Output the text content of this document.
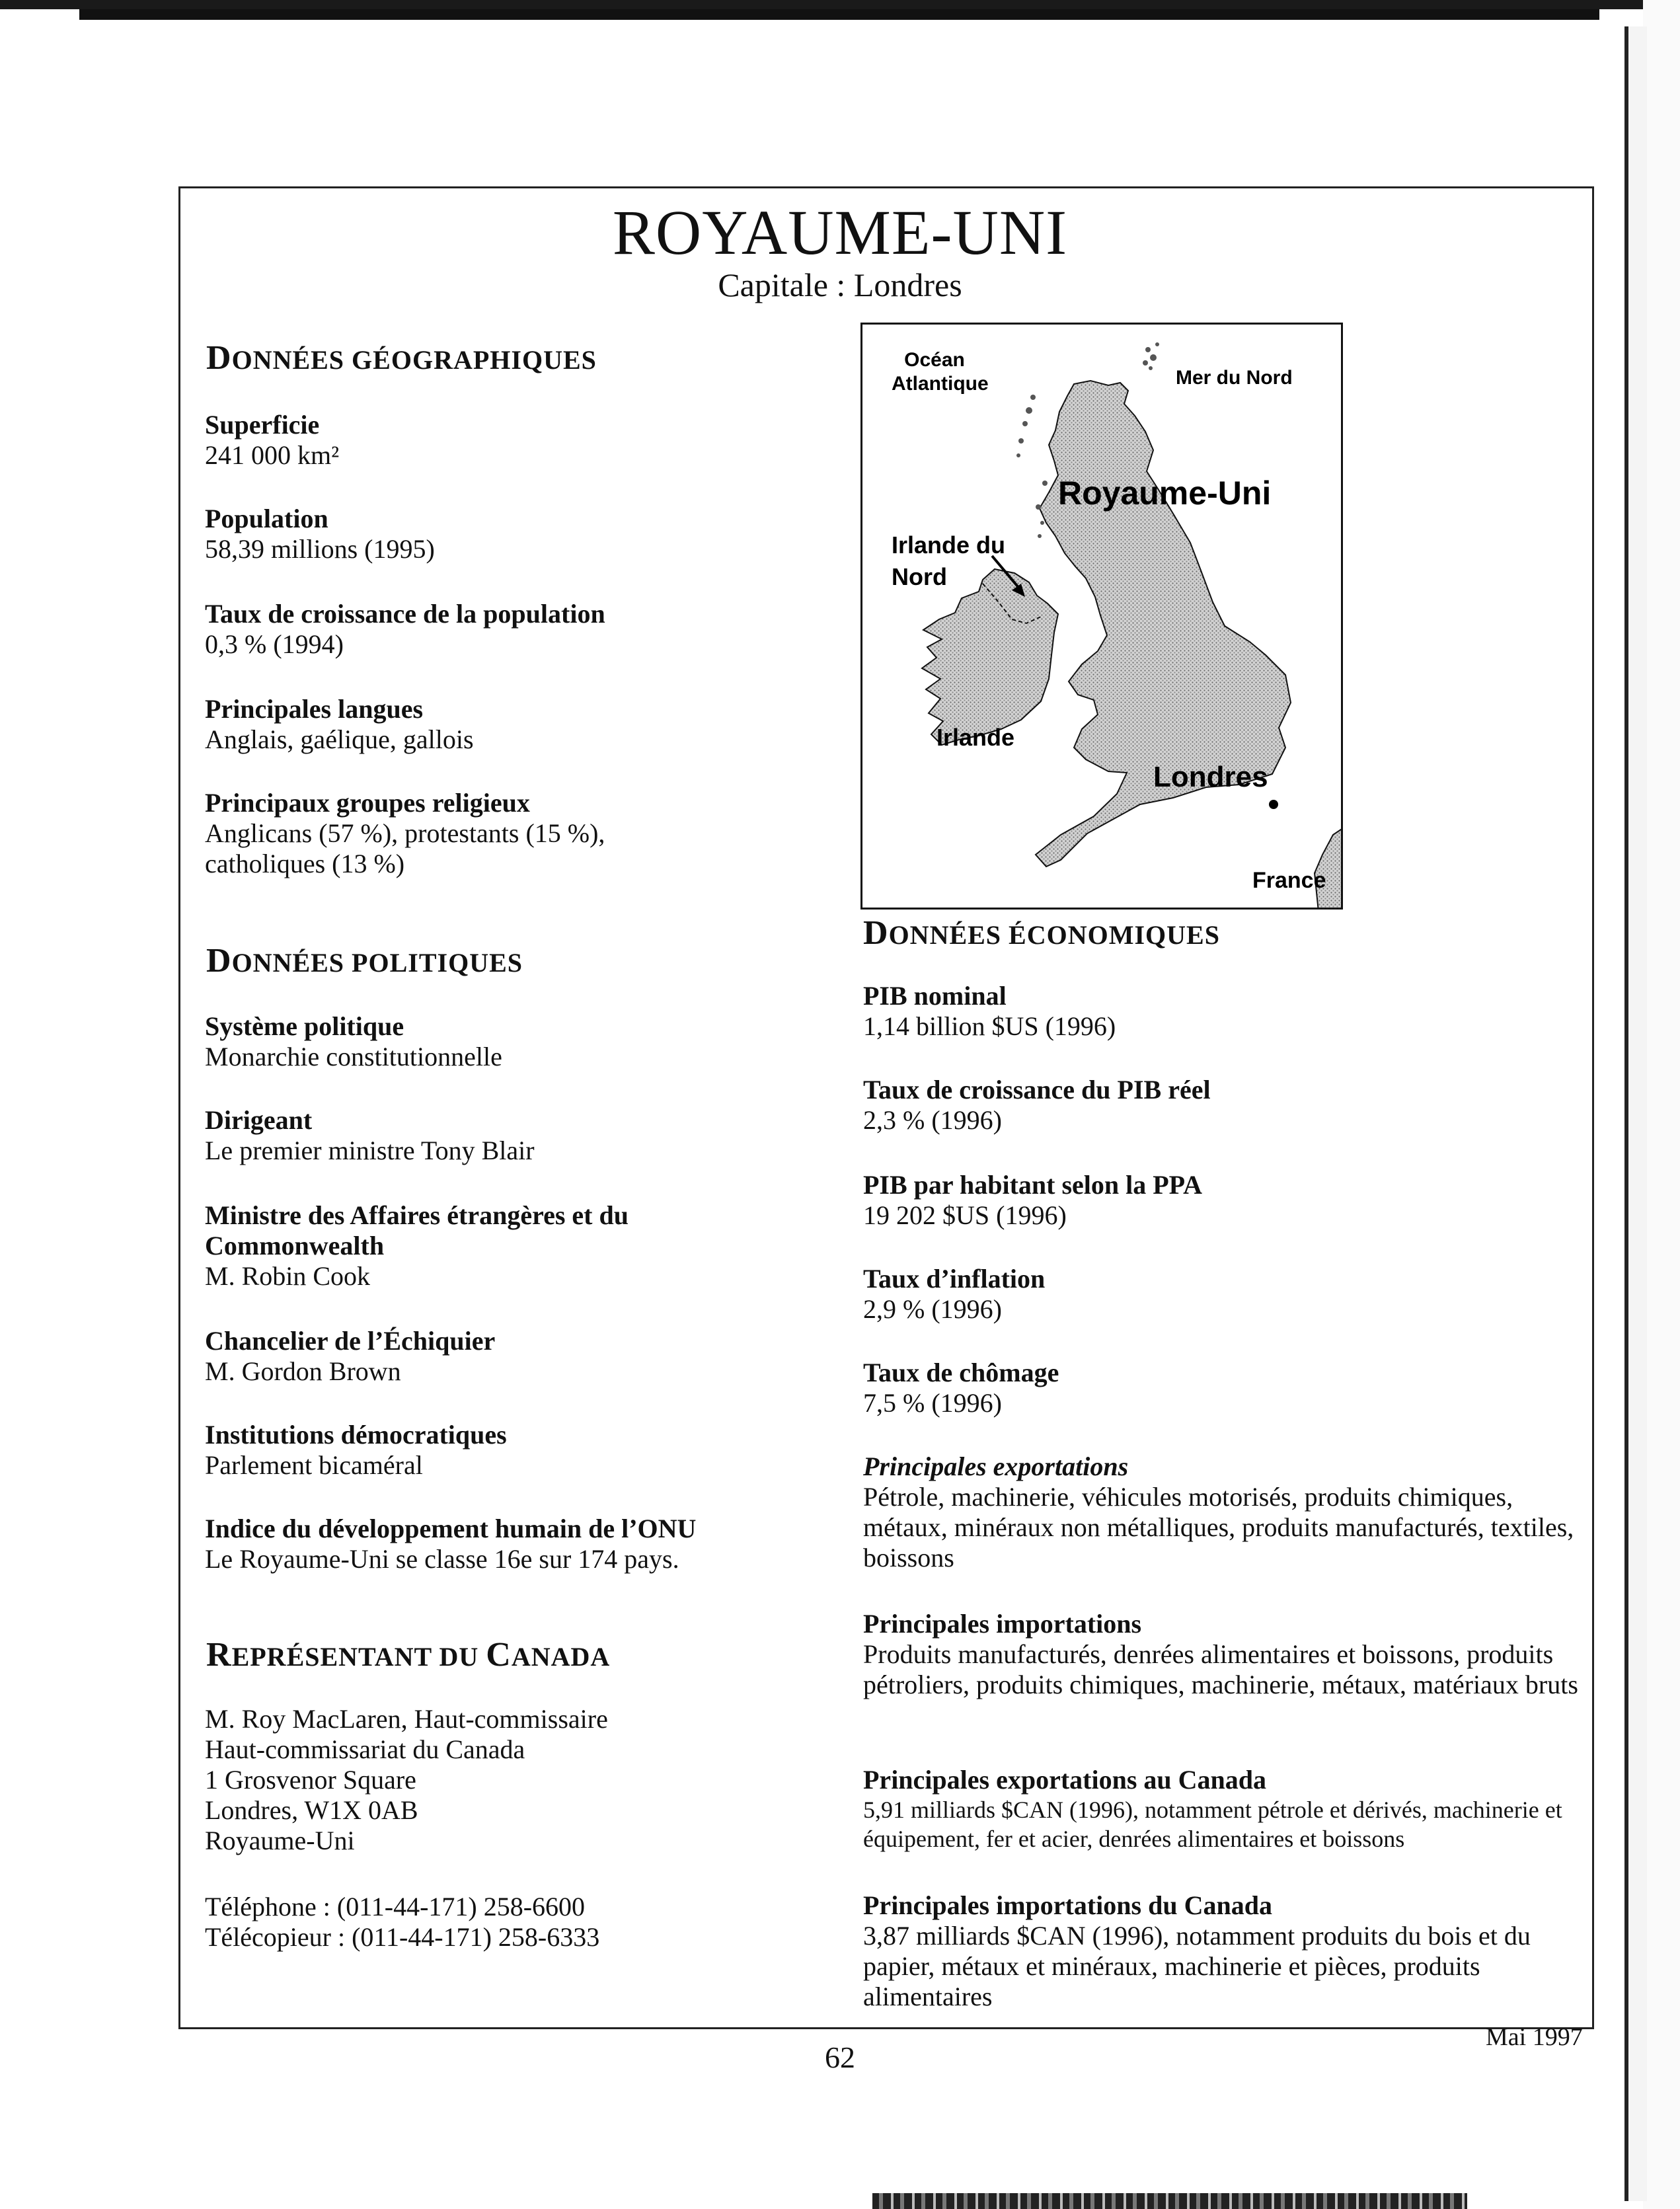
ROYAUME-UNI
Capitale : Londres
DONNÉES GÉOGRAPHIQUES
Superficie
241 000 km²
Population
58,39 millions (1995)
Taux de croissance de la population
0,3 % (1994)
Principales langues
Anglais, gaélique, gallois
Principaux groupes religieux
Anglicans (57 %), protestants (15 %), catholiques (13 %)
DONNÉES POLITIQUES
Système politique
Monarchie constitutionnelle
Dirigeant
Le premier ministre Tony Blair
Ministre des Affaires étrangères et du Commonwealth
M. Robin Cook
Chancelier de l’Échiquier
M. Gordon Brown
Institutions démocratiques
Parlement bicaméral
Indice du développement humain de l’ONU
Le Royaume-Uni se classe 16e sur 174 pays.
REPRÉSENTANT DU CANADA
M. Roy MacLaren, Haut-commissaire
Haut-commissariat du Canada
1 Grosvenor Square
Londres, W1X 0AB
Royaume-Uni
Téléphone : (011-44-171) 258-6600
Télécopieur : (011-44-171) 258-6333
Océan Atlantique	Mer du Nord
Royaume-Uni
Irlande du Nord
Irlande
Londres
France
DONNÉES ÉCONOMIQUES
PIB nominal
1,14 billion $US (1996)
Taux de croissance du PIB réel
2,3 % (1996)
PIB par habitant selon la PPA
19 202 $US (1996)
Taux d’inflation
2,9 % (1996)
Taux de chômage
7,5 % (1996)
Principales exportations
Pétrole, machinerie, véhicules motorisés, produits chimiques, métaux, minéraux non métalliques, produits manufacturés, textiles, boissons
Principales importations
Produits manufacturés, denrées alimentaires et boissons, produits pétroliers, produits chimiques, machinerie, métaux, matériaux bruts
Principales exportations au Canada
5,91 milliards $CAN (1996), notamment pétrole et dérivés, machinerie et équipement, fer et acier, denrées alimentaires et boissons
Principales importations du Canada
3,87 milliards $CAN (1996), notamment produits du bois et du papier, métaux et minéraux, machinerie et pièces, produits alimentaires
62
Mai 1997
